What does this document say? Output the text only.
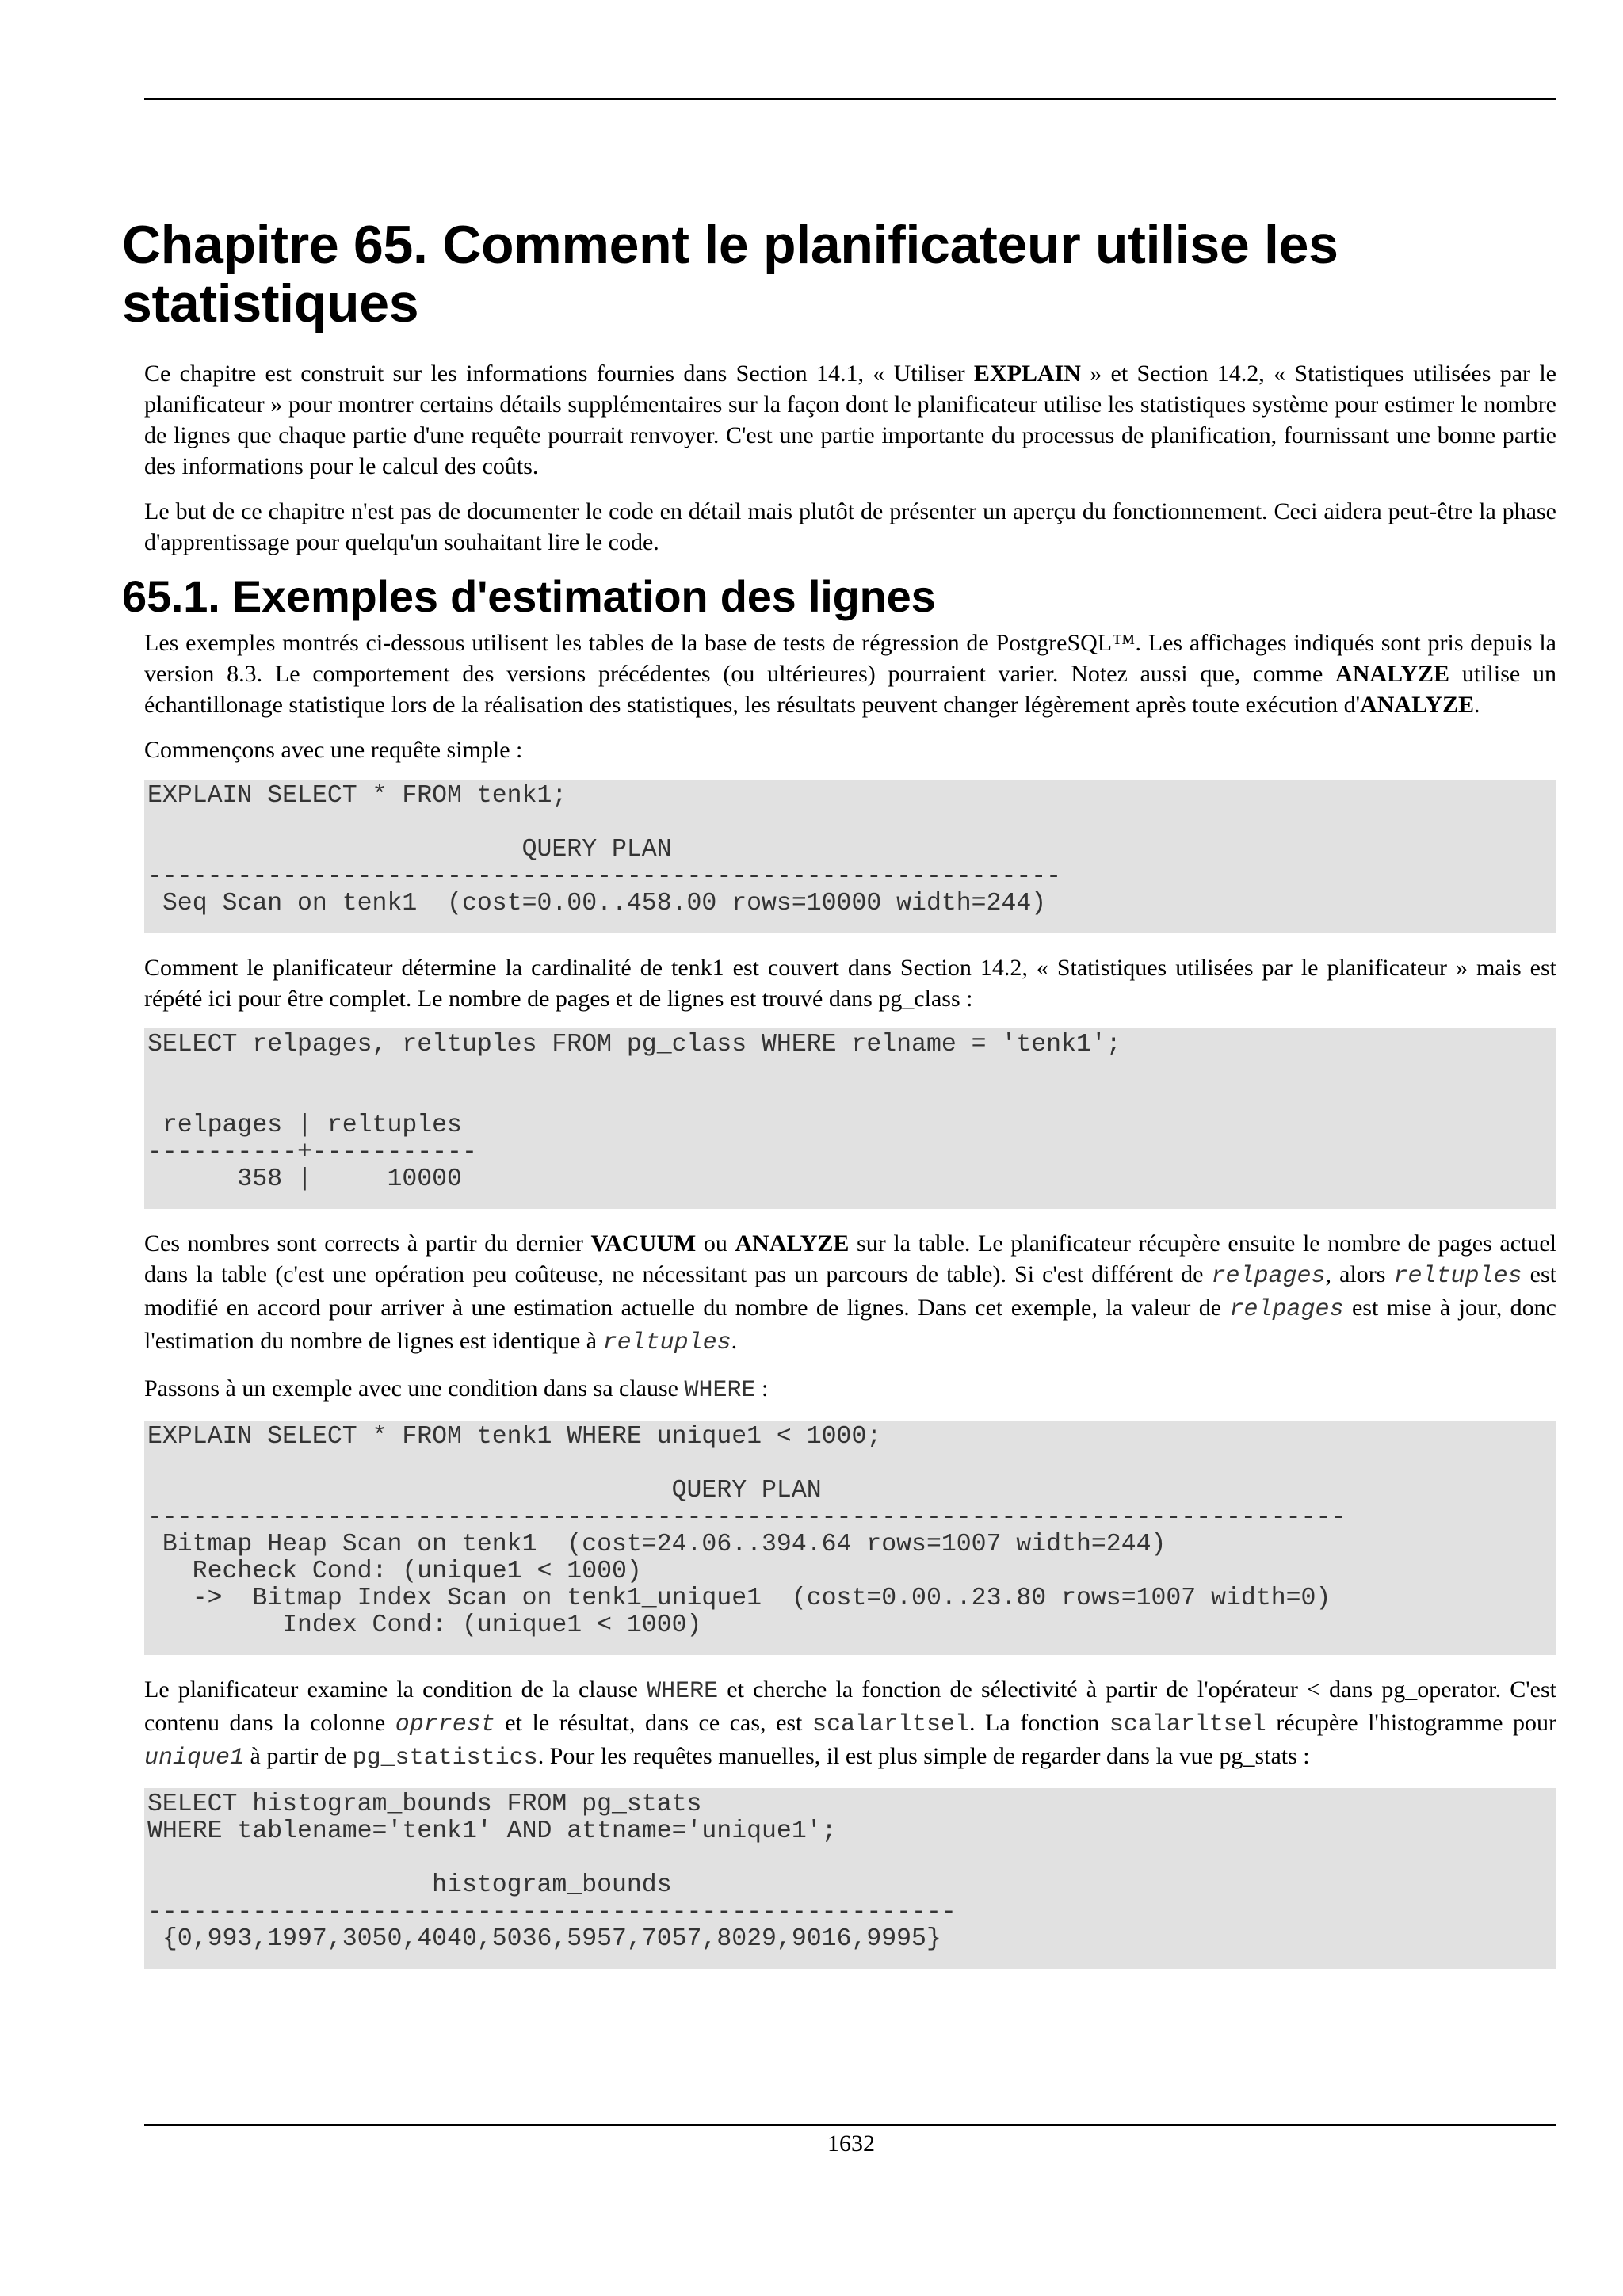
Chapitre 65. Comment le planificateur utilise les statistiques

Ce chapitre est construit sur les informations fournies dans Section 14.1, « Utiliser EXPLAIN » et Section 14.2, « Statistiques utilisées par le planificateur » pour montrer certains détails supplémentaires sur la façon dont le planificateur utilise les statistiques système pour estimer le nombre de lignes que chaque partie d'une requête pourrait renvoyer. C'est une partie importante du processus de planification, fournissant une bonne partie des informations pour le calcul des coûts.

Le but de ce chapitre n'est pas de documenter le code en détail mais plutôt de présenter un aperçu du fonctionnement. Ceci aidera peut-être la phase d'apprentissage pour quelqu'un souhaitant lire le code.

65.1. Exemples d'estimation des lignes

Les exemples montrés ci-dessous utilisent les tables de la base de tests de régression de PostgreSQL™. Les affichages indiqués sont pris depuis la version 8.3. Le comportement des versions précédentes (ou ultérieures) pourraient varier. Notez aussi que, comme ANALYZE utilise un échantillonage statistique lors de la réalisation des statistiques, les résultats peuvent changer légèrement après toute exécution d'ANALYZE.

Commençons avec une requête simple :

EXPLAIN SELECT * FROM tenk1;

QUERY PLAN
-------------------------------------------------------------
Seq Scan on tenk1  (cost=0.00..458.00 rows=10000 width=244)

Comment le planificateur détermine la cardinalité de tenk1 est couvert dans Section 14.2, « Statistiques utilisées par le planificateur » mais est répété ici pour être complet. Le nombre de pages et de lignes est trouvé dans pg_class :

SELECT relpages, reltuples FROM pg_class WHERE relname = 'tenk1';

relpages | reltuples
----------+-----------
358 |     10000

Ces nombres sont corrects à partir du dernier VACUUM ou ANALYZE sur la table. Le planificateur récupère ensuite le nombre de pages actuel dans la table (c'est une opération peu coûteuse, ne nécessitant pas un parcours de table). Si c'est différent de relpages, alors reltuples est modifié en accord pour arriver à une estimation actuelle du nombre de lignes. Dans cet exemple, la valeur de relpages est mise à jour, donc l'estimation du nombre de lignes est identique à reltuples.

Passons à un exemple avec une condition dans sa clause WHERE :

EXPLAIN SELECT * FROM tenk1 WHERE unique1 < 1000;

QUERY PLAN
--------------------------------------------------------------------------------
Bitmap Heap Scan on tenk1  (cost=24.06..394.64 rows=1007 width=244)
Recheck Cond: (unique1 < 1000)
->  Bitmap Index Scan on tenk1_unique1  (cost=0.00..23.80 rows=1007 width=0)
Index Cond: (unique1 < 1000)

Le planificateur examine la condition de la clause WHERE et cherche la fonction de sélectivité à partir de l'opérateur < dans pg_operator. C'est contenu dans la colonne oprrest et le résultat, dans ce cas, est scalarltsel. La fonction scalarltsel récupère l'histogramme pour unique1 à partir de pg_statistics. Pour les requêtes manuelles, il est plus simple de regarder dans la vue pg_stats :

SELECT histogram_bounds FROM pg_stats
WHERE tablename='tenk1' AND attname='unique1';

histogram_bounds
------------------------------------------------------
{0,993,1997,3050,4040,5036,5957,7057,8029,9016,9995}
1632
